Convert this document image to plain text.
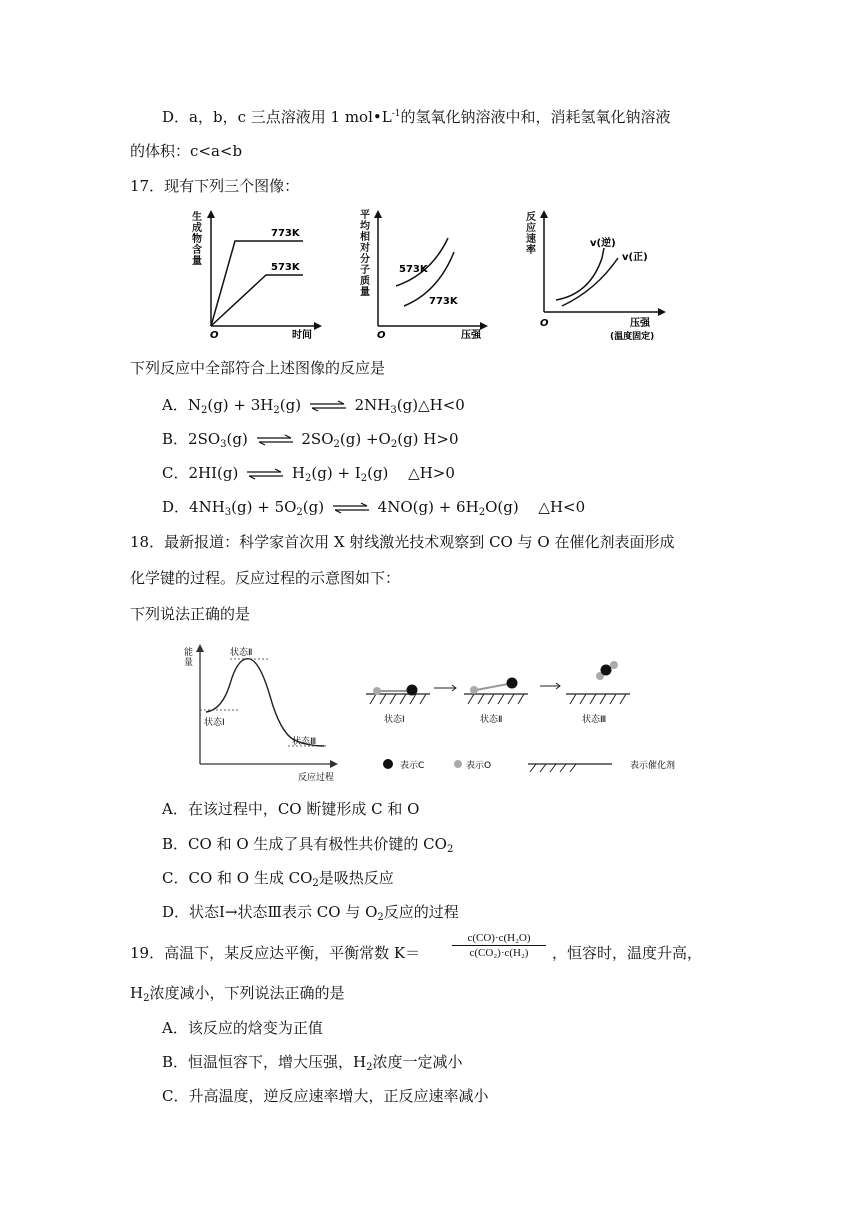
D．a，b，c 三点溶液用 1 $mol•L^{-1}$的氢氧化钠溶液中和，消耗氢氧化钠溶液
的体积：c<a<b
17．现有下列三个图像：
O	时间
773K
573K
生成物含量
O	压强
573K
773K
平均相对分子质量
O	压强
(温度固定)
v(逆)
v(正)
反应速率
下列反应中全部符合上述图像的反应是
A．$N_2(g) + 3H_2(g)$ ⇌ $2NH_3(g)\triangle H<0$
B．$2SO_3(g)$ ⇌ $2SO_2(g) +O_2(g)$ H>0
C．2HI(g) ⇌ $H_2(g) + I_2(g)$　 △H>0
D．$4NH_3(g) + 5O_2(g)$ ⇌ $4NO(g) + 6H_2O(g)$　 △H<0
18．最新报道：科学家首次用 X 射线激光技术观察到 CO 与 O 在催化剂表面形成
化学键的过程。反应过程的示意图如下：
下列说法正确的是
状态Ⅱ
状态Ⅰ
状态Ⅲ
反应过程
能量
状态Ⅰ	状态Ⅱ	状态Ⅲ
表示C	表示O	表示催化剂
A．在该过程中，CO 断键形成 C 和 O
B．CO 和 O 生成了具有极性共价键的 $CO_2$
C．CO 和 O 生成 $CO_2$是吸热反应
D．状态Ⅰ→状态Ⅲ表示 CO 与 $O_2$反应的过程
19．高温下，某反应达平衡，平衡常数 K＝	$\frac{\text{c(CO)·c(H₂O)}}{\text{c(CO₂)·c(H₂)}}$ ，恒容时，温度升高，
$H_2$浓度减小，下列说法正确的是
A．该反应的焓变为正值
B．恒温恒容下，增大压强，$H_2$浓度一定减小
C．升高温度，逆反应速率增大，正反应速率减小
